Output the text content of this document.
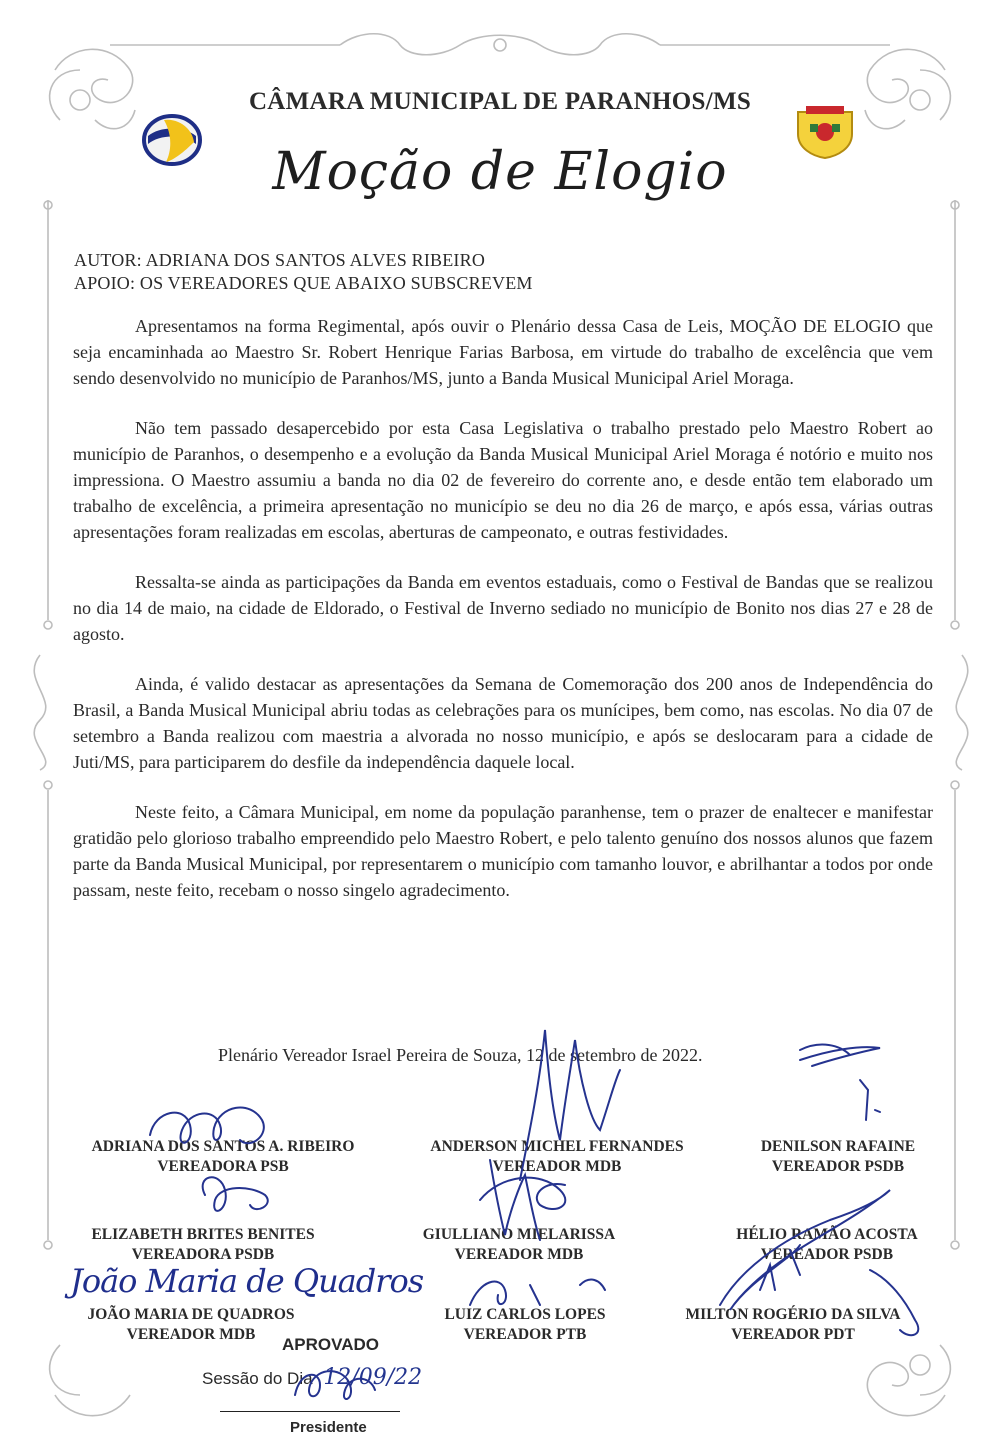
CÂMARA MUNICIPAL DE PARANHOS/MS
Moção de Elogio
AUTOR: ADRIANA DOS SANTOS ALVES RIBEIRO
APOIO: OS VEREADORES QUE ABAIXO SUBSCREVEM

Apresentamos na forma Regimental, após ouvir o Plenário dessa Casa de Leis, MOÇÃO DE ELOGIO que seja encaminhada ao Maestro Sr. Robert Henrique Farias Barbosa, em virtude do trabalho de excelência que vem sendo desenvolvido no município de Paranhos/MS, junto a Banda Musical Municipal Ariel Moraga.

Não tem passado desapercebido por esta Casa Legislativa o trabalho prestado pelo Maestro Robert ao município de Paranhos, o desempenho e a evolução da Banda Musical Municipal Ariel Moraga é notório e muito nos impressiona. O Maestro assumiu a banda no dia 02 de fevereiro do corrente ano, e desde então tem elaborado um trabalho de excelência, a primeira apresentação no município se deu no dia 26 de março, e após essa, várias outras apresentações foram realizadas em escolas, aberturas de campeonato, e outras festividades.

Ressalta-se ainda as participações da Banda em eventos estaduais, como o Festival de Bandas que se realizou no dia 14 de maio, na cidade de Eldorado, o Festival de Inverno sediado no município de Bonito nos dias 27 e 28 de agosto.

Ainda, é valido destacar as apresentações da Semana de Comemoração dos 200 anos de Independência do Brasil, a Banda Musical Municipal abriu todas as celebrações para os munícipes, bem como, nas escolas. No dia 07 de setembro a Banda realizou com maestria a alvorada no nosso município, e após se deslocaram para a cidade de Juti/MS, para participarem do desfile da independência daquele local.

Neste feito, a Câmara Municipal, em nome da população paranhense, tem o prazer de enaltecer e manifestar gratidão pelo glorioso trabalho empreendido pelo Maestro Robert, e pelo talento genuíno dos nossos alunos que fazem parte da Banda Musical Municipal, por representarem o município com tamanho louvor, e abrilhantar a todos por onde passam, neste feito, recebam o nosso singelo agradecimento.

Plenário Vereador Israel Pereira de Souza, 12 de setembro de 2022.
ADRIANA DOS SANTOS A. RIBEIRO
VEREADORA PSB
ANDERSON MICHEL FERNANDES
VEREADOR MDB
DENILSON RAFAINE
VEREADOR PSDB
ELIZABETH BRITES BENITES
VEREADORA PSDB
GIULLIANO MIELARISSA
VEREADOR MDB
HÉLIO RAMÃO ACOSTA
VEREADOR PSDB
JOÃO MARIA DE QUADROS
VEREADOR MDB
LUIZ CARLOS LOPES
VEREADOR PTB
MILTON ROGÉRIO DA SILVA
VEREADOR PDT
APROVADO
Sessão do Dia 12/09/22
Presidente
João Maria de Quadros
